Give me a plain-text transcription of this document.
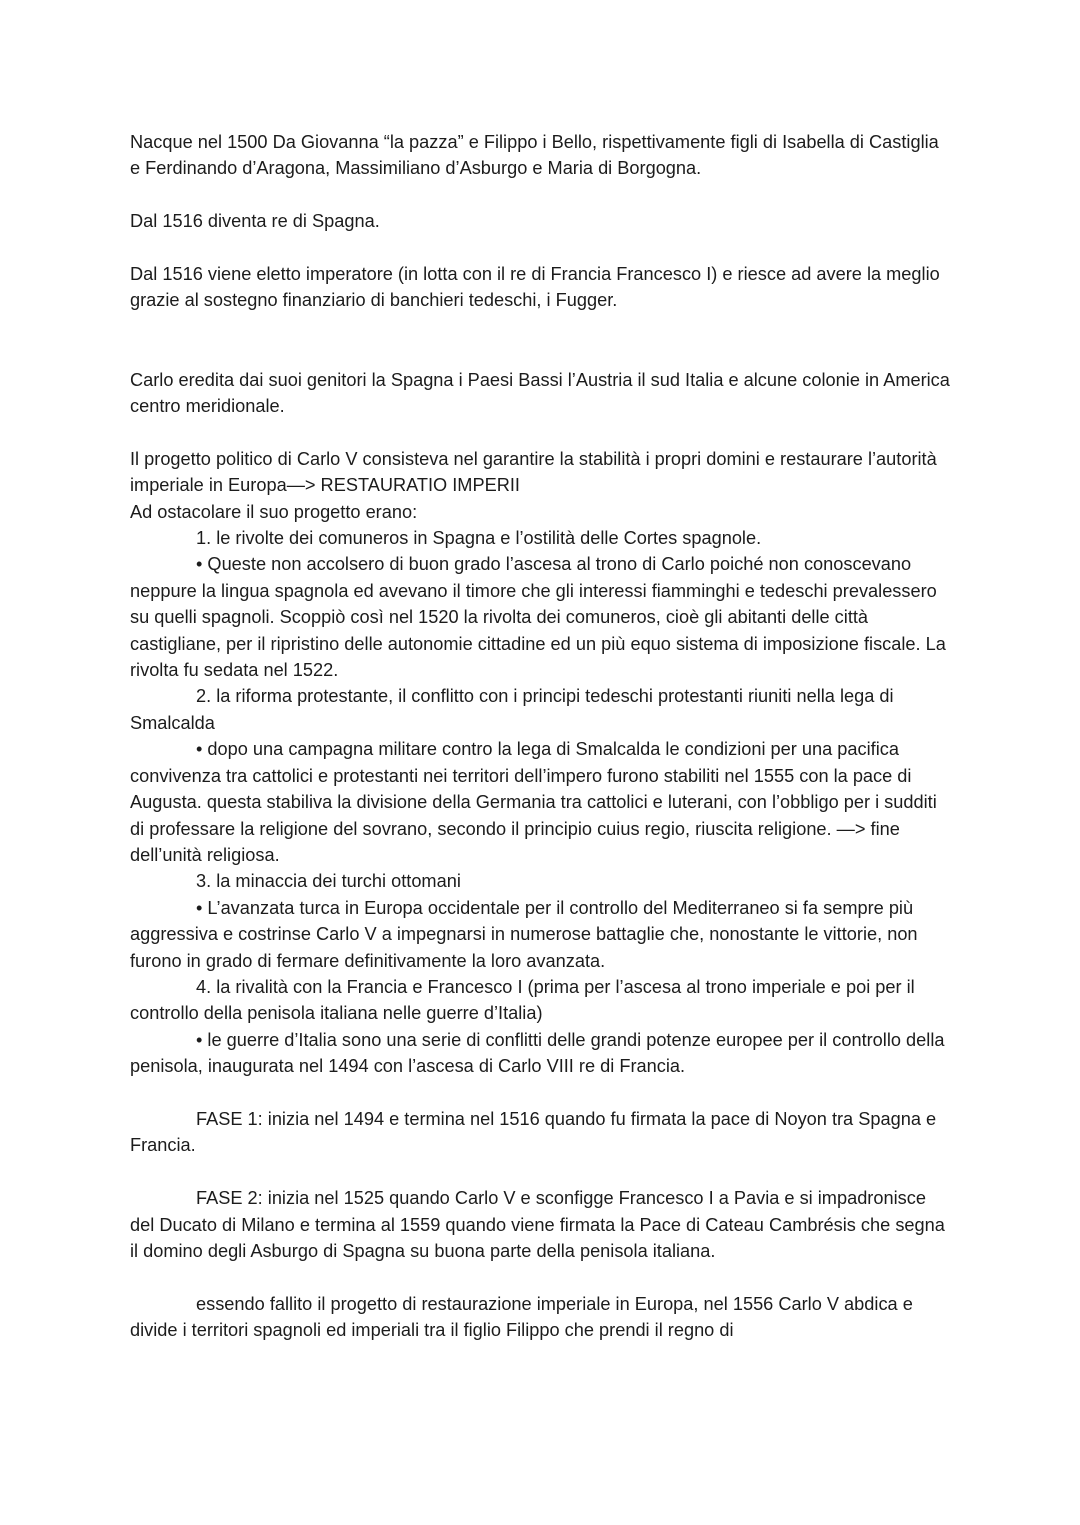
Nacque nel 1500 Da Giovanna “la pazza” e Filippo i Bello, rispettivamente figli di Isabella di Castiglia e Ferdinando d’Aragona, Massimiliano d’Asburgo e Maria di Borgogna.

Dal 1516 diventa re di Spagna.

Dal 1516 viene eletto imperatore (in lotta con il re di Francia Francesco I) e riesce ad avere la meglio grazie al sostegno finanziario di banchieri tedeschi, i Fugger.

Carlo eredita dai suoi genitori la Spagna i Paesi Bassi l’Austria il sud Italia e alcune colonie in America centro meridionale.

Il progetto politico di Carlo V consisteva nel garantire la stabilità i propri domini e restaurare l’autorità imperiale in Europa—> RESTAURATIO IMPERII

Ad ostacolare il suo progetto erano:

1. le rivolte dei comuneros in Spagna e l’ostilità delle Cortes spagnole.

• Queste non accolsero di buon grado l’ascesa al trono di Carlo poiché non conoscevano neppure la lingua spagnola ed avevano il timore che gli interessi fiamminghi e tedeschi prevalessero su quelli spagnoli. Scoppiò così nel 1520 la rivolta dei comuneros, cioè gli abitanti delle città castigliane, per il ripristino delle autonomie cittadine ed un più equo sistema di imposizione fiscale. La rivolta fu sedata nel 1522.

2. la riforma protestante, il conflitto con i principi tedeschi protestanti riuniti nella lega di Smalcalda

• dopo una campagna militare contro la lega di Smalcalda le condizioni per una pacifica convivenza tra cattolici e protestanti nei territori dell’impero furono stabiliti nel 1555 con la pace di Augusta. questa stabiliva la divisione della Germania tra cattolici e luterani, con l’obbligo per i sudditi di professare la religione del sovrano, secondo il principio cuius regio, riuscita religione. —> fine dell’unità religiosa.

3. la minaccia dei turchi ottomani

• L’avanzata turca in Europa occidentale per il controllo del Mediterraneo si fa sempre più aggressiva e costrinse Carlo V a impegnarsi in numerose battaglie che, nonostante le vittorie, non furono in grado di fermare definitivamente la loro avanzata.

4. la rivalità con la Francia e Francesco I (prima per l’ascesa al trono imperiale e poi per il controllo della penisola italiana nelle guerre d’Italia)

• le guerre d’Italia sono una serie di conflitti delle grandi potenze europee per il controllo della penisola, inaugurata nel 1494 con l’ascesa di Carlo VIII re di Francia.

FASE 1: inizia nel 1494 e termina nel 1516 quando fu firmata la pace di Noyon tra Spagna e Francia.

FASE 2: inizia nel 1525 quando Carlo V e sconfigge Francesco I a Pavia e si impadronisce del Ducato di Milano e termina al 1559 quando viene firmata la Pace di Cateau Cambrésis che segna il domino degli Asburgo di Spagna su buona parte della penisola italiana.

essendo fallito il progetto di restaurazione imperiale in Europa, nel 1556 Carlo V abdica e divide i territori spagnoli ed imperiali tra il figlio Filippo che prendi il regno di
